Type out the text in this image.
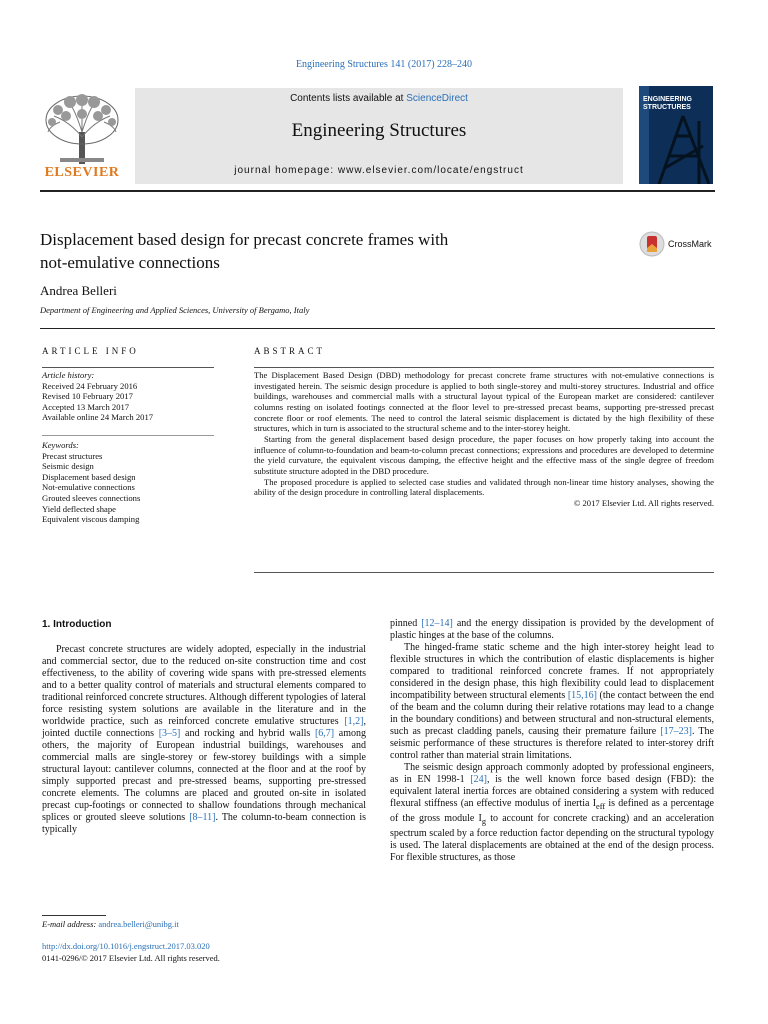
Engineering Structures 141 (2017) 228–240
ELSEVIER
Contents lists available at ScienceDirect
Engineering Structures
journal homepage: www.elsevier.com/locate/engstruct
ENGINEERING
STRUCTURES
Displacement based design for precast concrete frames with
not-emulative connections
CrossMark
Andrea Belleri
Department of Engineering and Applied Sciences, University of Bergamo, Italy
ARTICLE INFO
Article history:
Received 24 February 2016
Revised 10 February 2017
Accepted 13 March 2017
Available online 24 March 2017
Keywords:
Precast structures
Seismic design
Displacement based design
Not-emulative connections
Grouted sleeves connections
Yield deflected shape
Equivalent viscous damping
ABSTRACT

The Displacement Based Design (DBD) methodology for precast concrete frame structures with not-emulative connections is investigated herein. The seismic design procedure is applied to both single-storey and multi-storey structures. Industrial and office buildings, warehouses and commercial malls with a structural layout typical of the European market are considered: cantilever columns resting on isolated footings connected at the floor level to pre-stressed precast beams, supporting pre-stressed precast concrete floor or roof elements. The need to control the lateral seismic displacement is dictated by the high flexibility of these structures, which in turn is associated to the structural scheme and to the inter-storey height.

Starting from the general displacement based design procedure, the paper focuses on how properly taking into account the influence of column-to-foundation and beam-to-column precast connections; expressions and procedures are developed to determine the yield curvature, the equivalent viscous damping, the effective height and the effective mass of the single degree of freedom substitute structure adopted in the DBD procedure.

The proposed procedure is applied to selected case studies and validated through non-linear time history analyses, showing the ability of the design procedure in controlling lateral displacements.

© 2017 Elsevier Ltd. All rights reserved.
1. Introduction

Precast concrete structures are widely adopted, especially in the industrial and commercial sector, due to the reduced on-site construction time and cost effectiveness, to the ability of covering wide spans with pre-stressed elements and to a better quality control of materials and structural elements compared to traditional reinforced concrete structures. Although different typologies of lateral force resisting system solutions are available in the literature and in the worldwide practice, such as reinforced concrete emulative structures [1,2], jointed ductile connections [3–5] and rocking and hybrid walls [6,7] among others, the majority of European industrial buildings, warehouses and commercial malls are single-storey or few-storey buildings with a simple structural layout: cantilever columns, connected at the floor and at the roof by simply supported precast and pre-stressed beams, supporting pre-stressed concrete elements. The columns are placed and grouted on-site in isolated precast cup-footings or connected to shallow foundations through mechanical splices or grouted sleeve solutions [8–11]. The column-to-beam connection is typically

pinned [12–14] and the energy dissipation is provided by the development of plastic hinges at the base of the columns.

The hinged-frame static scheme and the high inter-storey height lead to flexible structures in which the contribution of elastic displacements is higher compared to traditional reinforced concrete frames. If not appropriately considered in the design phase, this high flexibility could lead to displacement incompatibility between structural elements [15,16] (the contact between the end of the beam and the column during their relative rotations may lead to a change in the boundary conditions) and between structural and non-structural elements, such as precast cladding panels, causing their premature failure [17–23]. The seismic performance of these structures is therefore related to inter-storey drift control rather than material strain limitations.

The seismic design approach commonly adopted by professional engineers, as in EN 1998-1 [24], is the well known force based design (FBD): the equivalent lateral inertia forces are obtained considering a system with reduced flexural stiffness (an effective modulus of inertia $I_{eff}$ is defined as a percentage of the gross module $I_g$ to account for concrete cracking) and an acceleration spectrum scaled by a force reduction factor depending on the structural typology is used. The lateral displacements are obtained at the end of the design process. For flexible structures, as those

E-mail address: andrea.belleri@unibg.it
http://dx.doi.org/10.1016/j.engstruct.2017.03.020
0141-0296/© 2017 Elsevier Ltd. All rights reserved.
